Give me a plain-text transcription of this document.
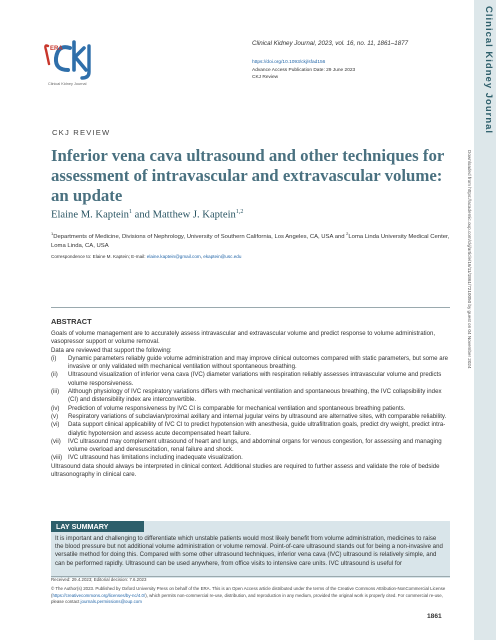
Clinical Kidney Journal
Downloaded from https://academic.oup.com/ckj/article/16/11/1861/7210050 by guest on 04 November 2024
ERA
Clinical Kidney Journal
Clinical Kidney Journal, 2023, vol. 16, no. 11, 1861–1877
https://doi.org/10.1093/ckj/sfad156
Advance Access Publication Date: 29 June 2023
CKJ Review
CKJ REVIEW
Inferior vena cava ultrasound and other techniques for assessment of intravascular and extravascular volume: an update
Elaine M. Kaptein$^1$ and Matthew J. Kaptein$^{1,2}$
$^1$Departments of Medicine, Divisions of Nephrology, University of Southern California, Los Angeles, CA, USA and $^2$Loma Linda University Medical Center, Loma Linda, CA, USA
Correspondence to: Elaine M. Kaptein; E-mail: elaine.kaptein@gmail.com, ekaptein@usc.edu
ABSTRACT

Goals of volume management are to accurately assess intravascular and extravascular volume and predict response to volume administration, vasopressor support or volume removal.

Data are reviewed that support the following:

(i) Dynamic parameters reliably guide volume administration and may improve clinical outcomes compared with static parameters, but some are invasive or only validated with mechanical ventilation without spontaneous breathing.
(ii) Ultrasound visualization of inferior vena cava (IVC) diameter variations with respiration reliably assesses intravascular volume and predicts volume responsiveness.
(iii) Although physiology of IVC respiratory variations differs with mechanical ventilation and spontaneous breathing, the IVC collapsibility index (CI) and distensibility index are interconvertible.
(iv) Prediction of volume responsiveness by IVC CI is comparable for mechanical ventilation and spontaneous breathing patients.
(v) Respiratory variations of subclavian/proximal axillary and internal jugular veins by ultrasound are alternative sites, with comparable reliability.
(vi) Data support clinical applicability of IVC CI to predict hypotension with anesthesia, guide ultrafiltration goals, predict dry weight, predict intra-dialytic hypotension and assess acute decompensated heart failure.
(vii) IVC ultrasound may complement ultrasound of heart and lungs, and abdominal organs for venous congestion, for assessing and managing volume overload and deresuscitation, renal failure and shock.
(viii) IVC ultrasound has limitations including inadequate visualization.

Ultrasound data should always be interpreted in clinical context. Additional studies are required to further assess and validate the role of bedside ultrasonography in clinical care.

LAY SUMMARY
It is important and challenging to differentiate which unstable patients would most likely benefit from volume administration, medicines to raise the blood pressure but not additional volume administration or volume removal. Point-of-care ultrasound stands out for being a non-invasive and versatile method for doing this. Compared with some other ultrasound techniques, inferior vena cava (IVC) ultrasound is relatively simple, and can be performed rapidly. Ultrasound can be used anywhere, from office visits to intensive care units. IVC ultrasound is useful for
Received: 29.4.2023; Editorial decision: 7.6.2023
© The Author(s) 2023. Published by Oxford University Press on behalf of the ERA. This is an Open Access article distributed under the terms of the Creative Commons Attribution-NonCommercial License (https://creativecommons.org/licenses/by-nc/4.0/), which permits non-commercial re-use, distribution, and reproduction in any medium, provided the original work is properly cited. For commercial re-use, please contact journals.permissions@oup.com
1861
